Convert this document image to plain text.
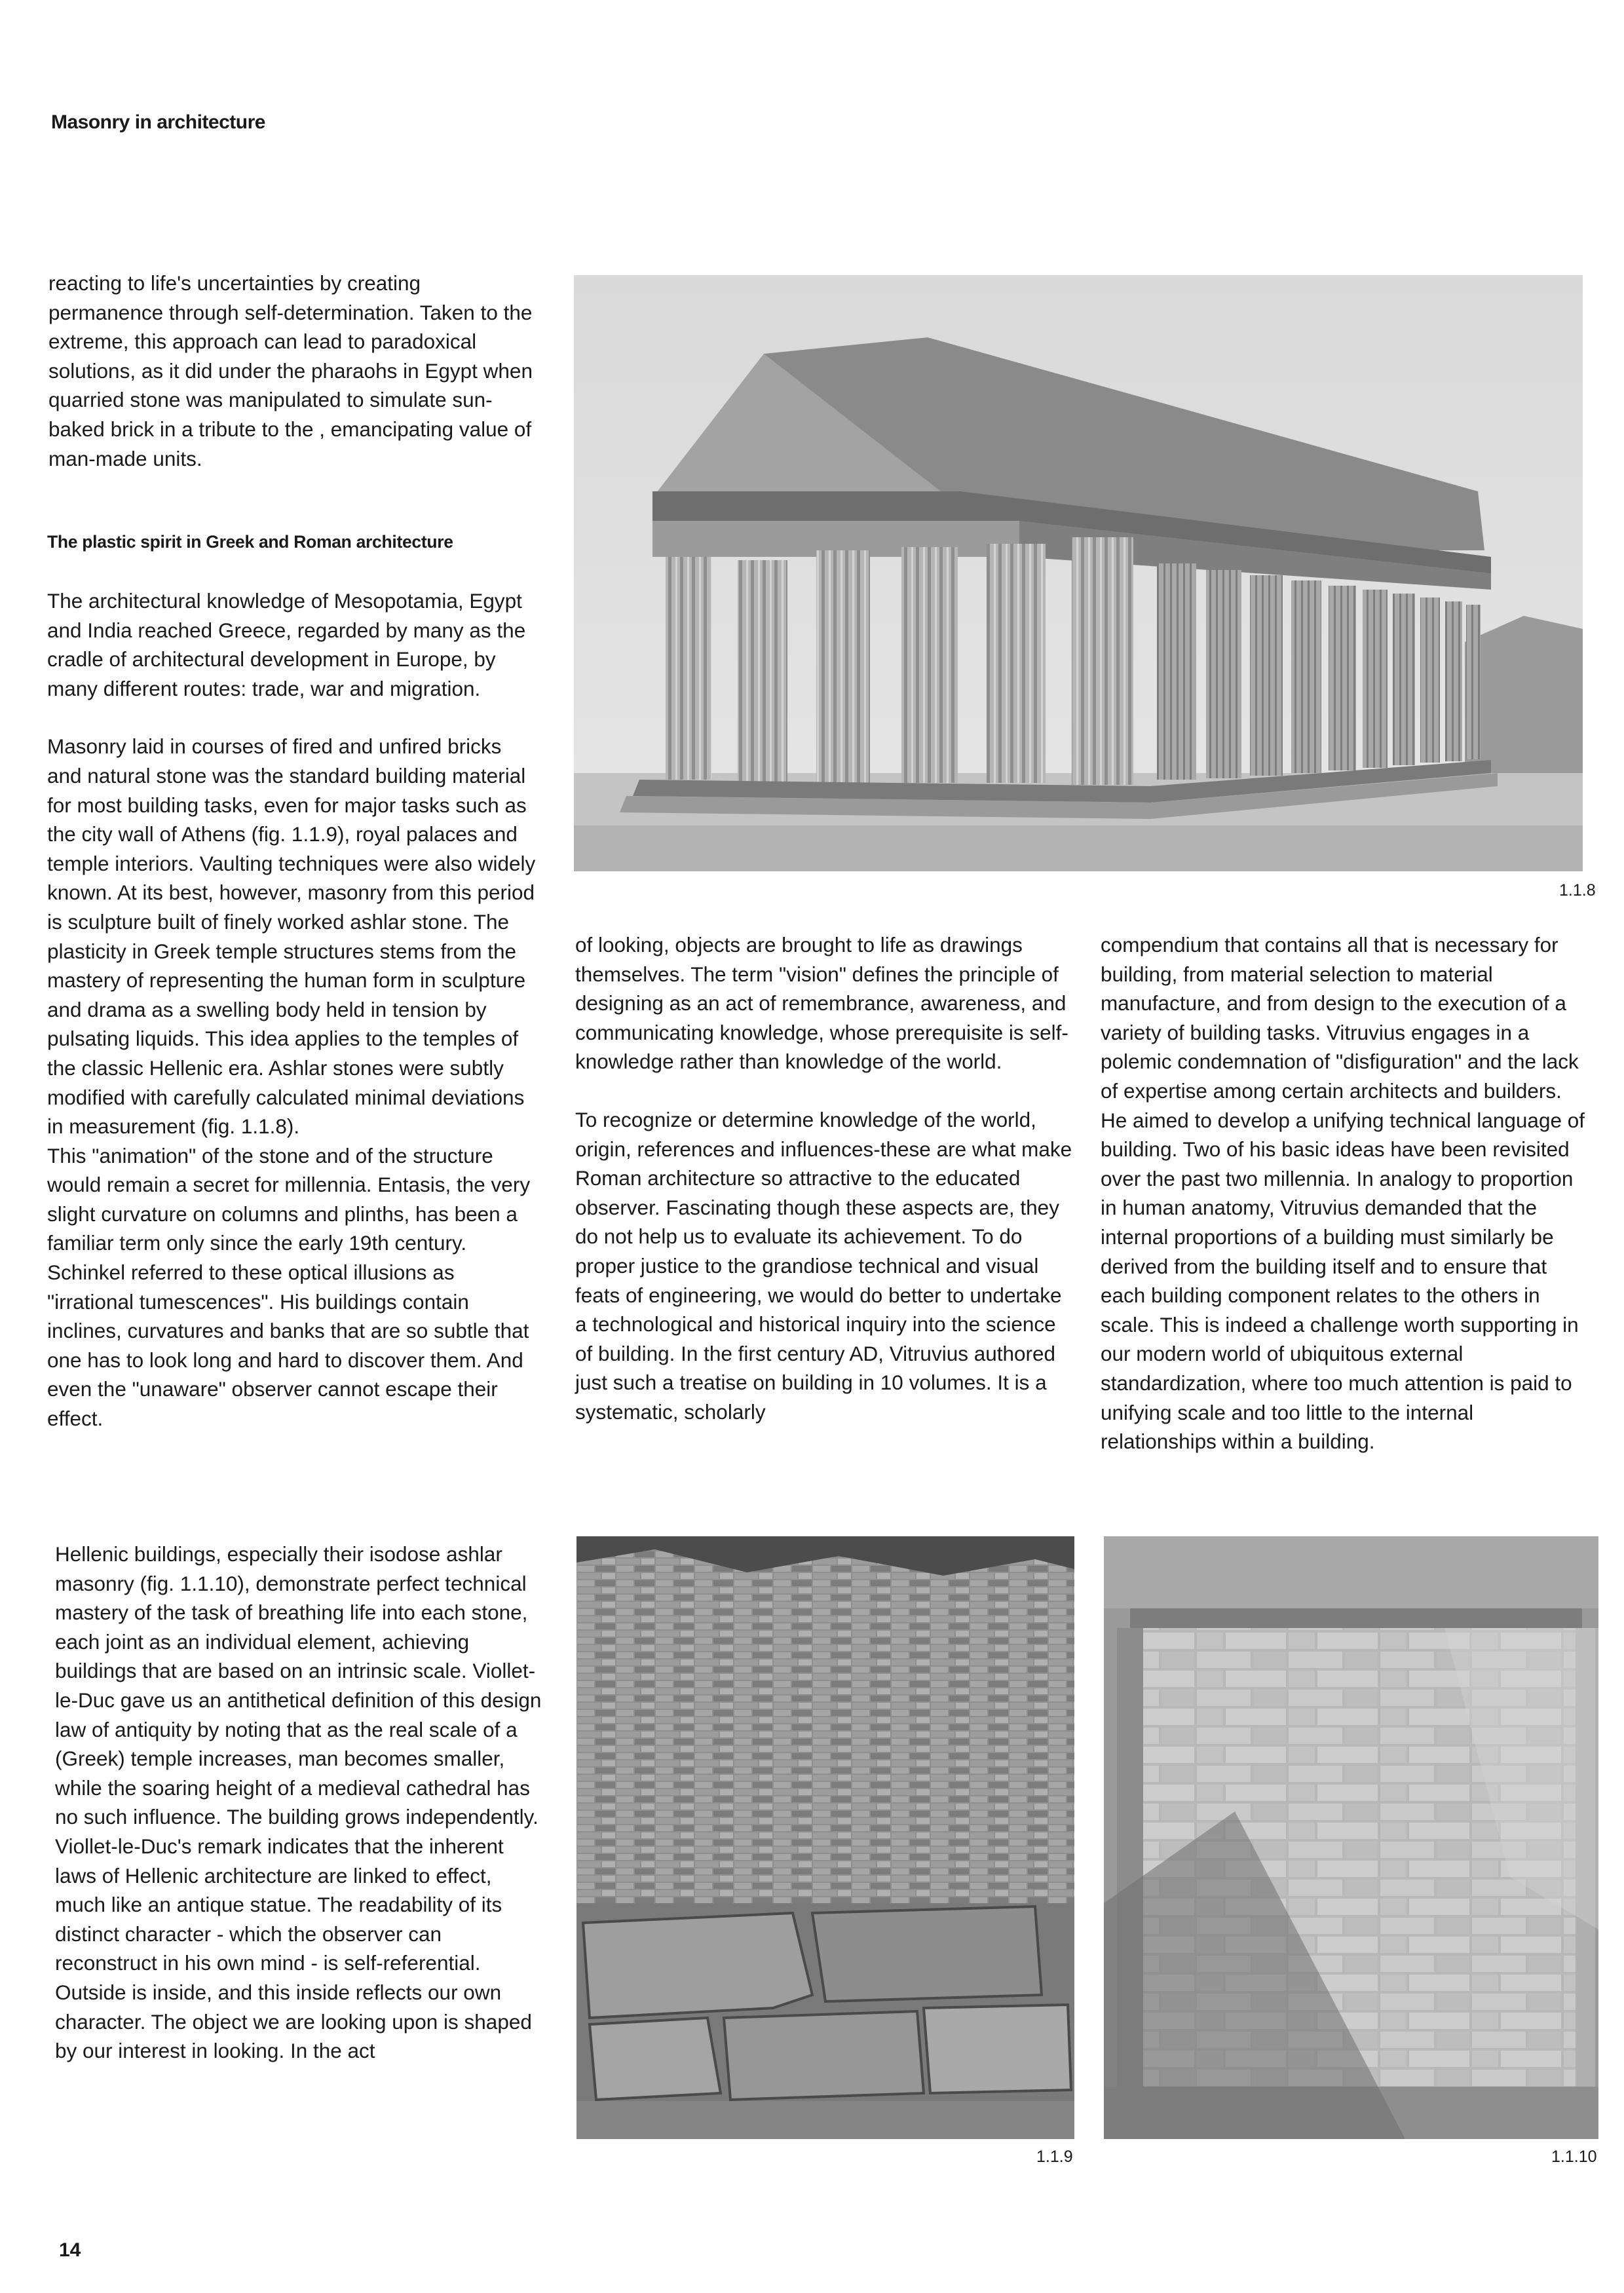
Masonry in architecture

reacting to life's uncertainties by creating permanence through self-determination. Taken to the extreme, this approach can lead to paradoxical solutions, as it did under the pharaohs in Egypt when quarried stone was manipulated to simulate sun-baked brick in a tribute to the , emancipating value of man-made units.

The plastic spirit in Greek and Roman architecture

The architectural knowledge of Mesopotamia, Egypt and India reached Greece, regarded by many as the cradle of architectural development in Europe, by many different routes: trade, war and migration.

Masonry laid in courses of fired and unfired bricks and natural stone was the standard building material for most building tasks, even for major tasks such as the city wall of Athens (fig. 1.1.9), royal palaces and temple interiors. Vaulting techniques were also widely known. At its best, however, masonry from this period is sculpture built of finely worked ashlar stone. The plasticity in Greek temple structures stems from the mastery of representing the human form in sculpture and drama as a swelling body held in tension by pulsating liquids. This idea applies to the temples of the classic Hellenic era. Ashlar stones were subtly modified with carefully calculated minimal deviations in measurement (fig. 1.1.8).

This "animation" of the stone and of the structure would remain a secret for millennia. Entasis, the very slight curvature on columns and plinths, has been a familiar term only since the early 19th century. Schinkel referred to these optical illusions as "irrational tumescences". His buildings contain inclines, curvatures and banks that are so subtle that one has to look long and hard to discover them. And even the "unaware" observer cannot escape their effect.

Hellenic buildings, especially their isodose ashlar masonry (fig. 1.1.10), demonstrate perfect technical mastery of the task of breathing life into each stone, each joint as an individual element, achieving buildings that are based on an intrinsic scale. Viollet-le-Duc gave us an antithetical definition of this design law of antiquity by noting that as the real scale of a (Greek) temple increases, man becomes smaller, while the soaring height of a medieval cathedral has no such influence. The building grows independently.

Viollet-le-Duc's remark indicates that the inherent laws of Hellenic architecture are linked to effect, much like an antique statue. The readability of its distinct character - which the observer can reconstruct in his own mind - is self-referential.

Outside is inside, and this inside reflects our own character. The object we are looking upon is shaped by our interest in looking. In the act

of looking, objects are brought to life as drawings themselves. The term "vision" defines the principle of designing as an act of remembrance, awareness, and communicating knowledge, whose prerequisite is self-knowledge rather than knowledge of the world.

To recognize or determine knowledge of the world, origin, references and influences-these are what make Roman architecture so attractive to the educated observer. Fascinating though these aspects are, they do not help us to evaluate its achievement. To do proper justice to the grandiose technical and visual feats of engineering, we would do better to undertake a technological and historical inquiry into the science of building. In the first century AD, Vitruvius authored just such a treatise on building in 10 volumes. It is a systematic, scholarly

compendium that contains all that is necessary for building, from material selection to material manufacture, and from design to the execution of a variety of building tasks. Vitruvius engages in a polemic condemnation of "disfiguration" and the lack of expertise among certain architects and builders. He aimed to develop a unifying technical language of building. Two of his basic ideas have been revisited over the past two millennia. In analogy to proportion in human anatomy, Vitruvius demanded that the internal proportions of a building must similarly be derived from the building itself and to ensure that each building component relates to the others in scale. This is indeed a challenge worth supporting in our modern world of ubiquitous external standardization, where too much attention is paid to unifying scale and too little to the internal relationships within a building.

1.1.8
1.1.9	1.1.10
14
